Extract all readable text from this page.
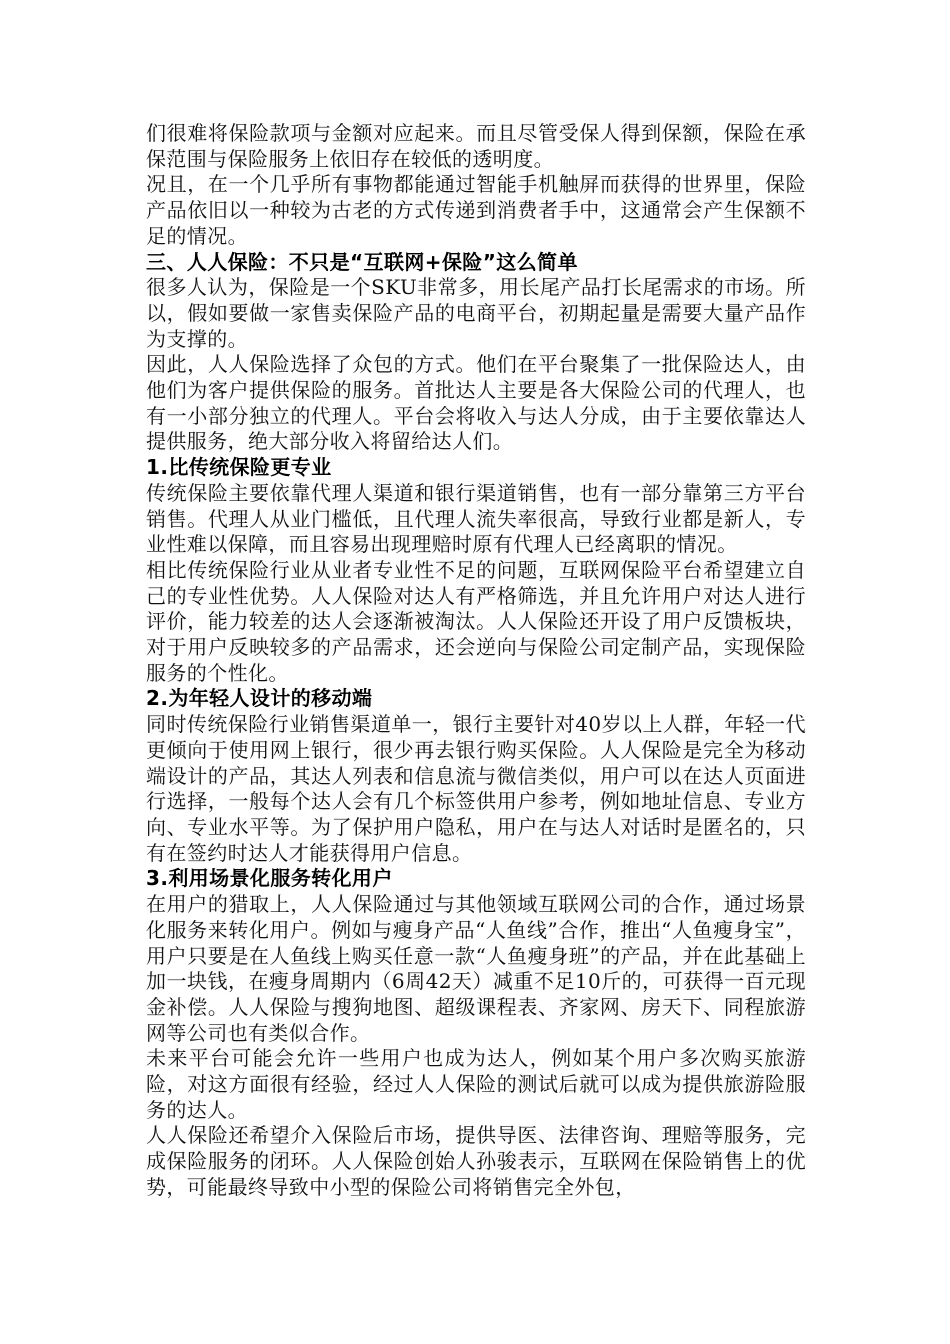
们很难将保险款项与金额对应起来。而且尽管受保人得到保额，保险在承保范围与保险服务上依旧存在较低的透明度。

况且，在一个几乎所有事物都能通过智能手机触屏而获得的世界里，保险产品依旧以一种较为古老的方式传递到消费者手中，这通常会产生保额不足的情况。

三、人人保险：不只是“互联网+保险”这么简单

很多人认为，保险是一个SKU非常多，用长尾产品打长尾需求的市场。所以，假如要做一家售卖保险产品的电商平台，初期起量是需要大量产品作为支撑的。

因此，人人保险选择了众包的方式。他们在平台聚集了一批保险达人，由他们为客户提供保险的服务。首批达人主要是各大保险公司的代理人，也有一小部分独立的代理人。平台会将收入与达人分成，由于主要依靠达人提供服务，绝大部分收入将留给达人们。

1.比传统保险更专业

传统保险主要依靠代理人渠道和银行渠道销售，也有一部分靠第三方平台销售。代理人从业门槛低，且代理人流失率很高，导致行业都是新人，专业性难以保障，而且容易出现理赔时原有代理人已经离职的情况。

相比传统保险行业从业者专业性不足的问题，互联网保险平台希望建立自己的专业性优势。人人保险对达人有严格筛选，并且允许用户对达人进行评价，能力较差的达人会逐渐被淘汰。人人保险还开设了用户反馈板块，对于用户反映较多的产品需求，还会逆向与保险公司定制产品，实现保险服务的个性化。

2.为年轻人设计的移动端

同时传统保险行业销售渠道单一，银行主要针对40岁以上人群，年轻一代更倾向于使用网上银行，很少再去银行购买保险。人人保险是完全为移动端设计的产品，其达人列表和信息流与微信类似，用户可以在达人页面进行选择，一般每个达人会有几个标签供用户参考，例如地址信息、专业方向、专业水平等。为了保护用户隐私，用户在与达人对话时是匿名的，只有在签约时达人才能获得用户信息。

3.利用场景化服务转化用户

在用户的猎取上，人人保险通过与其他领域互联网公司的合作，通过场景化服务来转化用户。例如与瘦身产品“人鱼线”合作，推出“人鱼瘦身宝”，用户只要是在人鱼线上购买任意一款“人鱼瘦身班”的产品，并在此基础上加一块钱，在瘦身周期内（6周42天）减重不足10斤的，可获得一百元现金补偿。人人保险与搜狗地图、超级课程表、齐家网、房天下、同程旅游网等公司也有类似合作。

未来平台可能会允许一些用户也成为达人，例如某个用户多次购买旅游险，对这方面很有经验，经过人人保险的测试后就可以成为提供旅游险服务的达人。

人人保险还希望介入保险后市场，提供导医、法律咨询、理赔等服务，完成保险服务的闭环。人人保险创始人孙骏表示，互联网在保险销售上的优势，可能最终导致中小型的保险公司将销售完全外包，
